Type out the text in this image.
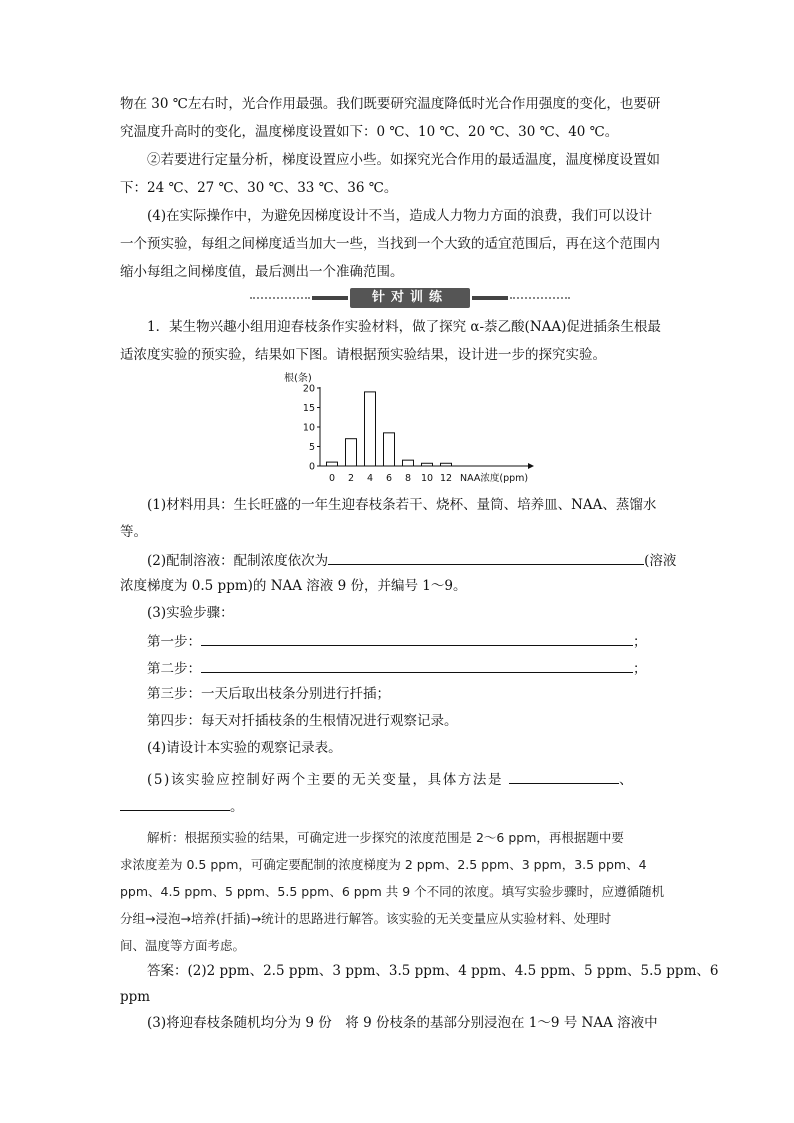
物在 30 ℃左右时，光合作用最强。我们既要研究温度降低时光合作用强度的变化，也要研
究温度升高时的变化，温度梯度设置如下：0 ℃、10 ℃、20 ℃、30 ℃、40 ℃。
②若要进行定量分析，梯度设置应小些。如探究光合作用的最适温度，温度梯度设置如
下：24 ℃、27 ℃、30 ℃、33 ℃、36 ℃。
(4)在实际操作中，为避免因梯度设计不当，造成人力物力方面的浪费，我们可以设计
一个预实验，每组之间梯度适当加大一些，当找到一个大致的适宜范围后，再在这个范围内
缩小每组之间梯度值，最后测出一个准确范围。
针对训练
1．某生物兴趣小组用迎春枝条作实验材料，做了探究 α-萘乙酸(NAA)促进插条生根最
适浓度实验的预实验，结果如下图。请根据预实验结果，设计进一步的探究实验。
根(条)
0
5
10
15
20
0 2 4 6 8 10 12 NAA浓度(ppm)
(1)材料用具：生长旺盛的一年生迎春枝条若干、烧杯、量筒、培养皿、NAA、蒸馏水
等。
(2)配制溶液：配制浓度依次为	(溶液
浓度梯度为 0.5 ppm)的 NAA 溶液 9 份，并编号 1～9。
(3)实验步骤：
第一步：	；
第二步：	；
第三步：一天后取出枝条分别进行扦插；
第四步：每天对扦插枝条的生根情况进行观察记录。
(4)请设计本实验的观察记录表。
(5)该实验应控制好两个主要的无关变量，具体方法是	、
。
解析：根据预实验的结果，可确定进一步探究的浓度范围是 2～6 ppm，再根据题中要
求浓度差为 0.5 ppm，可确定要配制的浓度梯度为 2 ppm、2.5 ppm、3 ppm，3.5 ppm、4
ppm、4.5 ppm、5 ppm、5.5 ppm、6 ppm 共 9 个不同的浓度。填写实验步骤时，应遵循随机
分组→浸泡→培养(扦插)→统计的思路进行解答。该实验的无关变量应从实验材料、处理时
间、温度等方面考虑。
答案：(2)2 ppm、2.5 ppm、3 ppm、3.5 ppm、4 ppm、4.5 ppm、5 ppm、5.5 ppm、6
ppm
(3)将迎春枝条随机均分为 9 份　将 9 份枝条的基部分别浸泡在 1～9 号 NAA 溶液中
